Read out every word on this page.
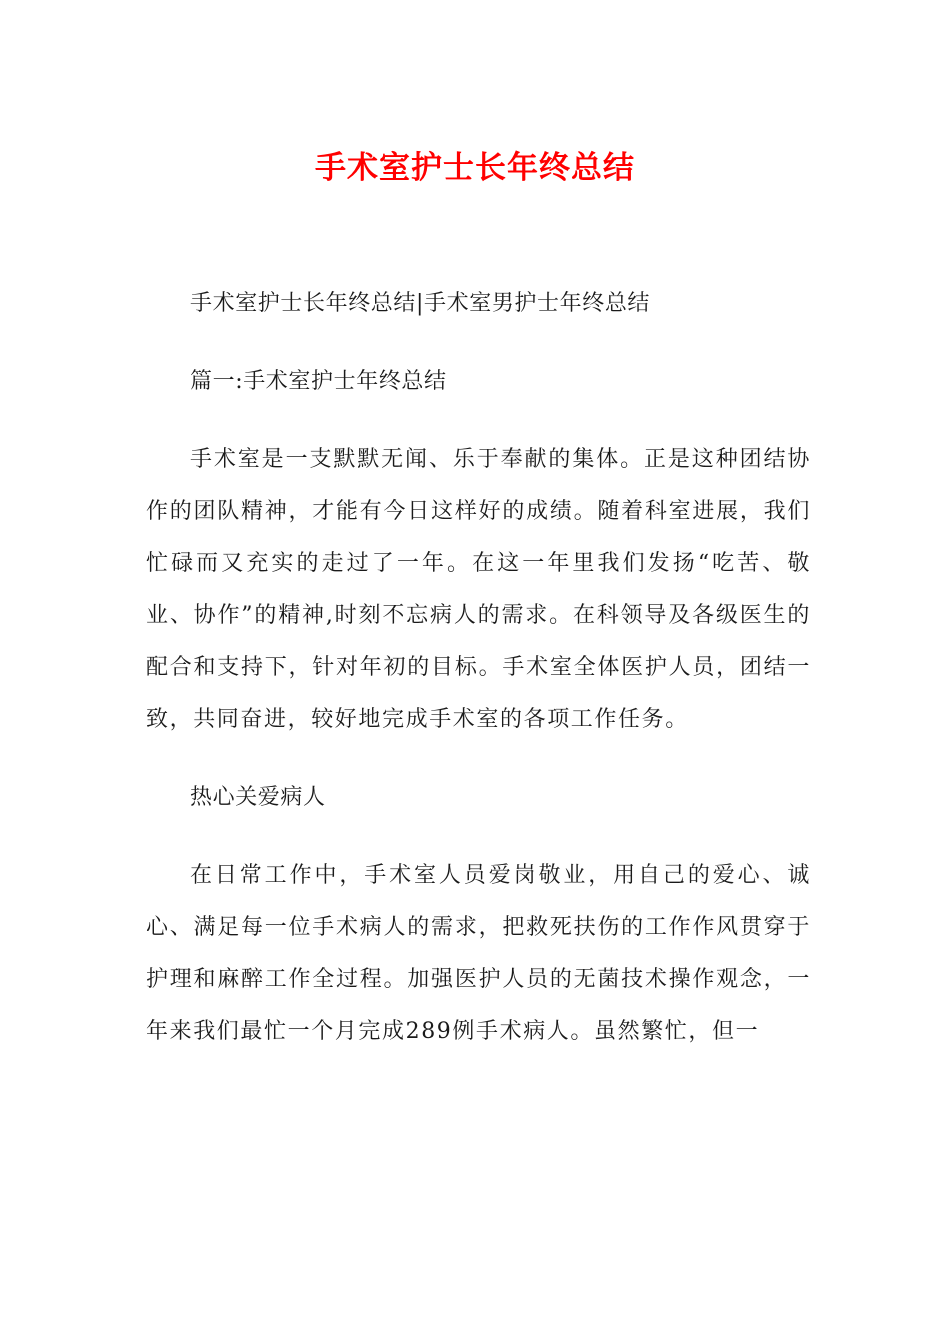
手术室护士长年终总结

手术室护士长年终总结|手术室男护士年终总结

篇一:手术室护士年终总结

手术室是一支默默无闻、乐于奉献的集体。正是这种团结协作的团队精神，才能有今日这样好的成绩。随着科室进展，我们忙碌而又充实的走过了一年。在这一年里我们发扬“吃苦、敬业、协作”的精神,时刻不忘病人的需求。在科领导及各级医生的配合和支持下，针对年初的目标。手术室全体医护人员，团结一致，共同奋进，较好地完成手术室的各项工作任务。

热心关爱病人

在日常工作中，手术室人员爱岗敬业，用自己的爱心、诚心、满足每一位手术病人的需求，把救死扶伤的工作作风贯穿于护理和麻醉工作全过程。加强医护人员的无菌技术操作观念，一年来我们最忙一个月完成289例手术病人。虽然繁忙，但一
